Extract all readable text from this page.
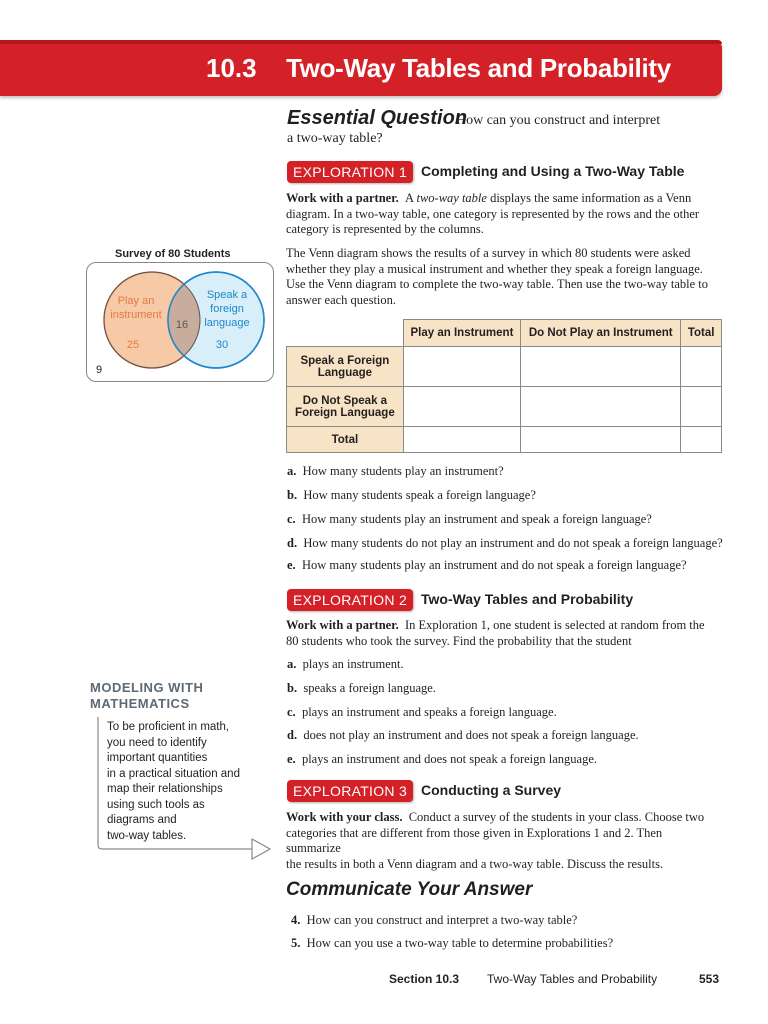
10.3 Two-Way Tables and Probability
Essential Question
How can you construct and interpret
a two-way table?
EXPLORATION 1 Completing and Using a Two-Way Table
Work with a partner. A two-way table displays the same information as a Venn
diagram. In a two-way table, one category is represented by the rows and the other
category is represented by the columns.
The Venn diagram shows the results of a survey in which 80 students were asked
whether they play a musical instrument and whether they speak a foreign language.
Use the Venn diagram to complete the two-way table. Then use the two-way table to
answer each question.
Survey of 80 Students
Play an
instrument
25
16
Speak a
foreign
language
30
9
	Play an Instrument	Do Not Play an Instrument	Total
Speak a Foreign
Language			
Do Not Speak a
Foreign Language			
Total			
a. How many students play an instrument?
b. How many students speak a foreign language?
c. How many students play an instrument and speak a foreign language?
d. How many students do not play an instrument and do not speak a foreign language?
e. How many students play an instrument and do not speak a foreign language?
EXPLORATION 2 Two-Way Tables and Probability
Work with a partner. In Exploration 1, one student is selected at random from the
80 students who took the survey. Find the probability that the student
a. plays an instrument.
b. speaks a foreign language.
c. plays an instrument and speaks a foreign language.
d. does not play an instrument and does not speak a foreign language.
e. plays an instrument and does not speak a foreign language.
MODELING WITH
MATHEMATICS
To be proficient in math,
you need to identify
important quantities
in a practical situation and
map their relationships
using such tools as
diagrams and
two-way tables.
EXPLORATION 3 Conducting a Survey
Work with your class. Conduct a survey of the students in your class. Choose two
categories that are different from those given in Explorations 1 and 2. Then summarize
the results in both a Venn diagram and a two-way table. Discuss the results.
Communicate Your Answer
4. How can you construct and interpret a two-way table?
5. How can you use a two-way table to determine probabilities?
Section 10.3 Two-Way Tables and Probability	553
